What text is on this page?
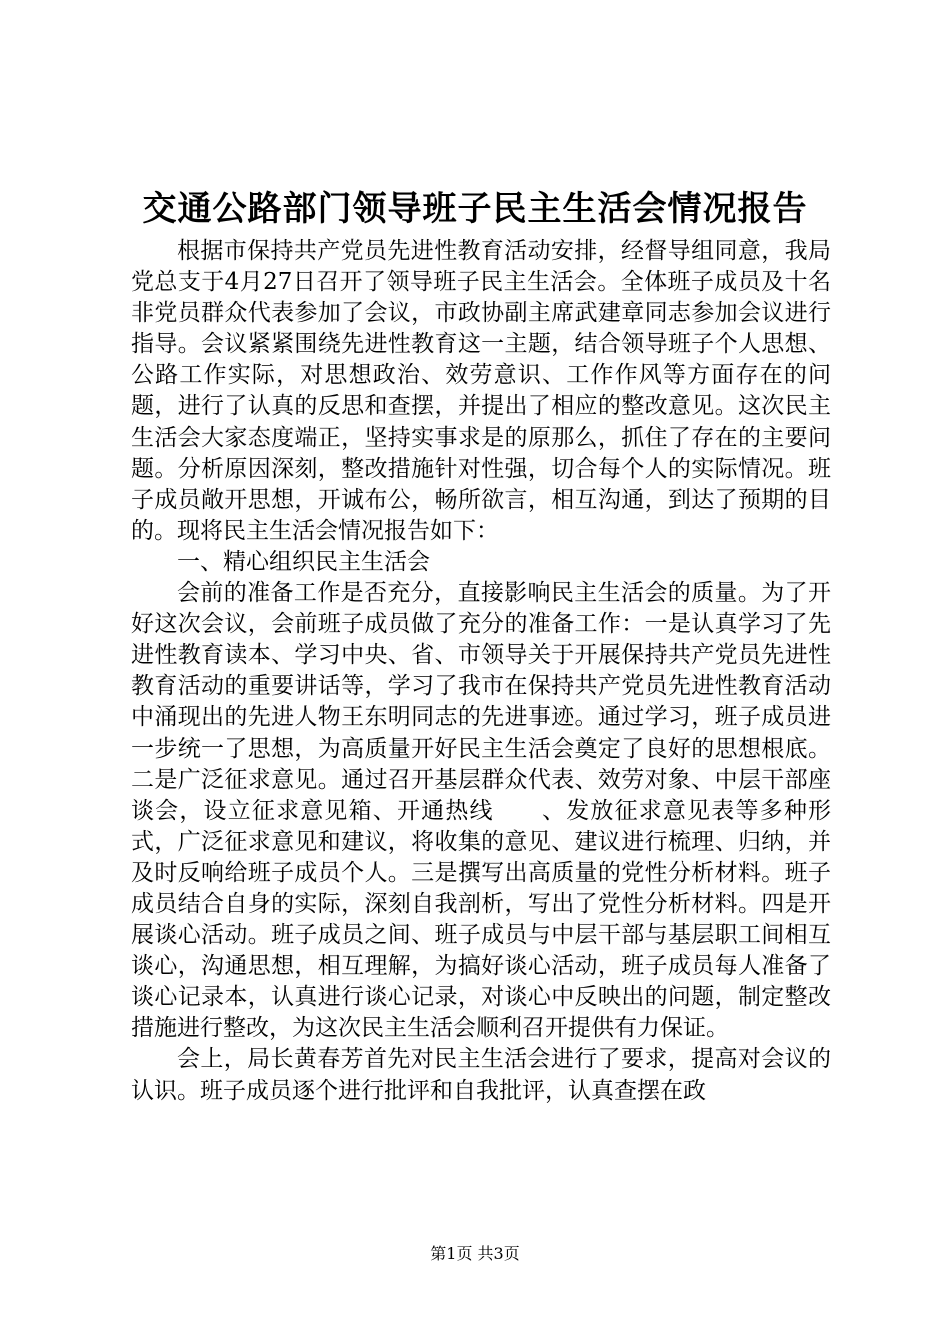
交通公路部门领导班子民主生活会情况报告

根据市保持共产党员先进性教育活动安排，经督导组同意，我局党总支于4月27日召开了领导班子民主生活会。全体班子成员及十名非党员群众代表参加了会议，市政协副主席武建章同志参加会议进行指导。会议紧紧围绕先进性教育这一主题，结合领导班子个人思想、公路工作实际，对思想政治、效劳意识、工作作风等方面存在的问题，进行了认真的反思和查摆，并提出了相应的整改意见。这次民主生活会大家态度端正，坚持实事求是的原那么，抓住了存在的主要问题。分析原因深刻，整改措施针对性强，切合每个人的实际情况。班子成员敞开思想，开诚布公，畅所欲言，相互沟通，到达了预期的目的。现将民主生活会情况报告如下：

一、精心组织民主生活会

会前的准备工作是否充分，直接影响民主生活会的质量。为了开好这次会议，会前班子成员做了充分的准备工作：一是认真学习了先进性教育读本、学习中央、省、市领导关于开展保持共产党员先进性教育活动的重要讲话等，学习了我市在保持共产党员先进性教育活动中涌现出的先进人物王东明同志的先进事迹。通过学习，班子成员进一步统一了思想，为高质量开好民主生活会奠定了良好的思想根底。二是广泛征求意见。通过召开基层群众代表、效劳对象、中层干部座谈会，设立征求意见箱、开通热线　　、发放征求意见表等多种形式，广泛征求意见和建议，将收集的意见、建议进行梳理、归纳，并及时反响给班子成员个人。三是撰写出高质量的党性分析材料。班子成员结合自身的实际，深刻自我剖析，写出了党性分析材料。四是开展谈心活动。班子成员之间、班子成员与中层干部与基层职工间相互谈心，沟通思想，相互理解，为搞好谈心活动，班子成员每人准备了谈心记录本，认真进行谈心记录，对谈心中反映出的问题，制定整改措施进行整改，为这次民主生活会顺利召开提供有力保证。

会上，局长黄春芳首先对民主生活会进行了要求，提高对会议的认识。班子成员逐个进行批评和自我批评，认真查摆在政

第1页 共3页
